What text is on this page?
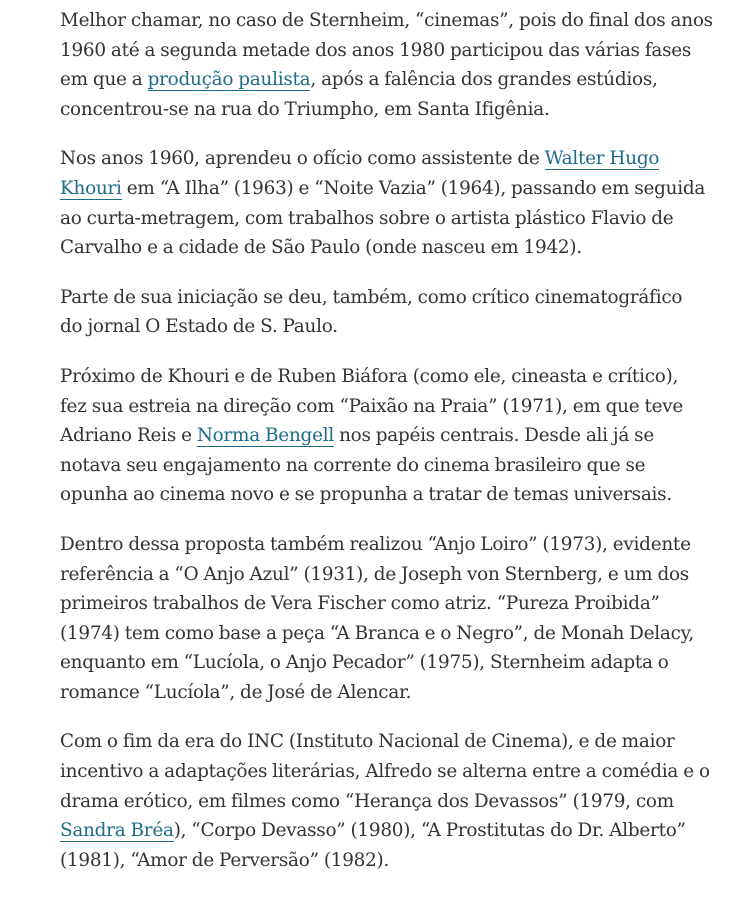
Melhor chamar, no caso de Sternheim, “cinemas”, pois do final dos anos
1960 até a segunda metade dos anos 1980 participou das várias fases
em que a produção paulista, após a falência dos grandes estúdios,
concentrou-se na rua do Triumpho, em Santa Ifigênia.

Nos anos 1960, aprendeu o ofício como assistente de Walter Hugo
Khouri em “A Ilha” (1963) e “Noite Vazia” (1964), passando em seguida
ao curta-metragem, com trabalhos sobre o artista plástico Flavio de
Carvalho e a cidade de São Paulo (onde nasceu em 1942).

Parte de sua iniciação se deu, também, como crítico cinematográfico
do jornal O Estado de S. Paulo.

Próximo de Khouri e de Ruben Biáfora (como ele, cineasta e crítico),
fez sua estreia na direção com “Paixão na Praia” (1971), em que teve
Adriano Reis e Norma Bengell nos papéis centrais. Desde ali já se
notava seu engajamento na corrente do cinema brasileiro que se
opunha ao cinema novo e se propunha a tratar de temas universais.

Dentro dessa proposta também realizou “Anjo Loiro” (1973), evidente
referência a “O Anjo Azul” (1931), de Joseph von Sternberg, e um dos
primeiros trabalhos de Vera Fischer como atriz. “Pureza Proibida”
(1974) tem como base a peça “A Branca e o Negro”, de Monah Delacy,
enquanto em “Lucíola, o Anjo Pecador” (1975), Sternheim adapta o
romance “Lucíola”, de José de Alencar.

Com o fim da era do INC (Instituto Nacional de Cinema), e de maior
incentivo a adaptações literárias, Alfredo se alterna entre a comédia e o
drama erótico, em filmes como “Herança dos Devassos” (1979, com
Sandra Bréa), “Corpo Devasso” (1980), “A Prostitutas do Dr. Alberto”
(1981), “Amor de Perversão” (1982).
